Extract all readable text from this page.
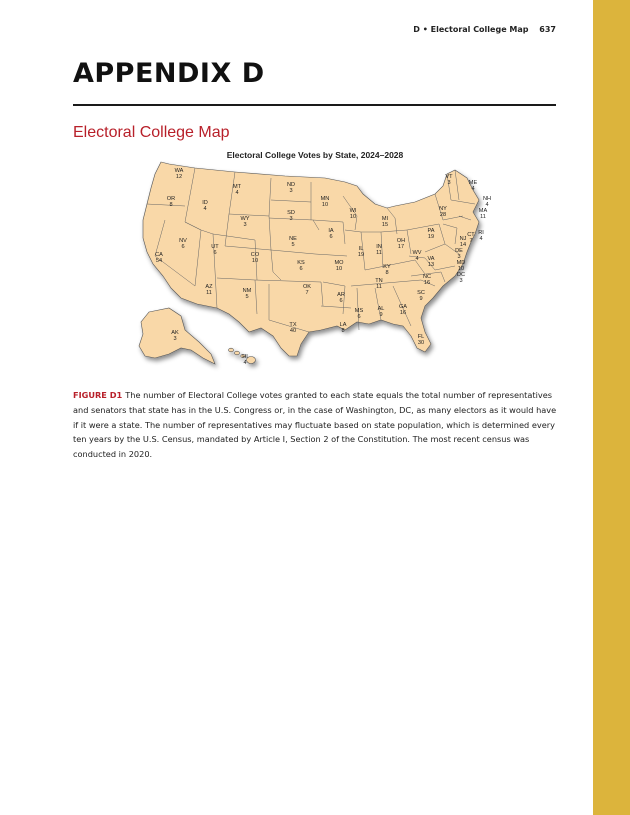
D • Electoral College Map 637
APPENDIX D
Electoral College Map
Electoral College Votes by State, 2024–2028
WA 12
OR 8
CA 54
ID 4
NV 6
MT 4
WY 3
UT 6
AZ 11
CO 10
NM 5
ND 3
SD 3
NE 5
KS 6
OK 7
TX 40
MN 10
IA 6
MO 10
AR 6
LA 8
WI 10
IL 19
MI 15
IN 11
OH 17
KY 8
TN 11
MS 6
AL 9
GA 16
FL 30
SC 9
NC 16
VA 13
WV 4
PA 19
NY 28
VT 3
NH 4
ME 4
MA 11
RI 4
CT 7
NJ 14
DE 3
MD 10
DC 3
AK 3
HI 4

FIGURE D1 The number of Electoral College votes granted to each state equals the total number of representatives and senators that state has in the U.S. Congress or, in the case of Washington, DC, as many electors as it would have if it were a state. The number of representatives may fluctuate based on state population, which is determined every ten years by the U.S. Census, mandated by Article I, Section 2 of the Constitution. The most recent census was conducted in 2020.
